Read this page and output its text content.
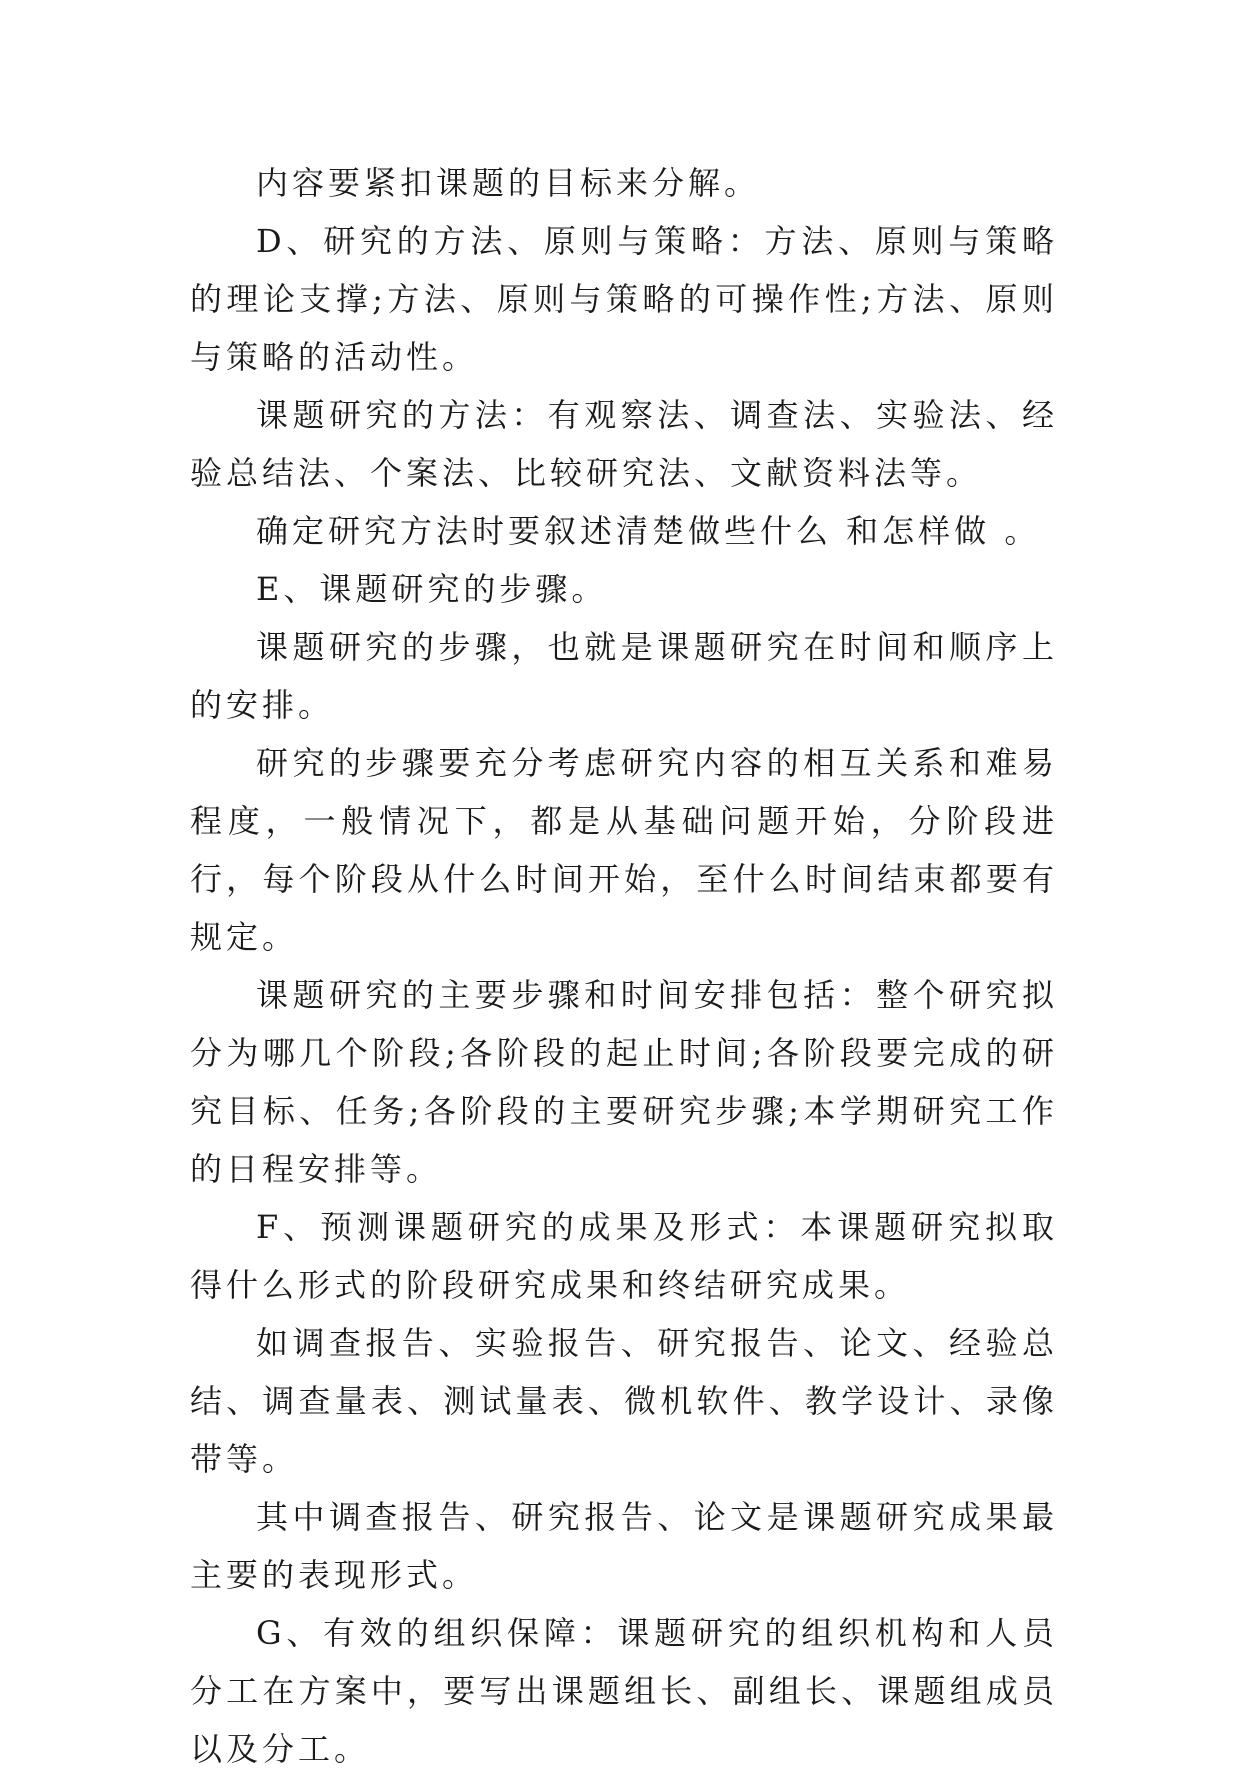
内容要紧扣课题的目标来分解。

D、研究的方法、原则与策略：方法、原则与策略的理论支撑;方法、原则与策略的可操作性;方法、原则与策略的活动性。

课题研究的方法：有观察法、调查法、实验法、经验总结法、个案法、比较研究法、文献资料法等。

确定研究方法时要叙述清楚做些什么 和怎样做 。

E、课题研究的步骤。

课题研究的步骤，也就是课题研究在时间和顺序上的安排。

研究的步骤要充分考虑研究内容的相互关系和难易程度，一般情况下，都是从基础问题开始，分阶段进行，每个阶段从什么时间开始，至什么时间结束都要有规定。

课题研究的主要步骤和时间安排包括：整个研究拟分为哪几个阶段;各阶段的起止时间;各阶段要完成的研究目标、任务;各阶段的主要研究步骤;本学期研究工作的日程安排等。

F、预测课题研究的成果及形式：本课题研究拟取得什么形式的阶段研究成果和终结研究成果。

如调查报告、实验报告、研究报告、论文、经验总结、调查量表、测试量表、微机软件、教学设计、录像带等。

其中调查报告、研究报告、论文是课题研究成果最主要的表现形式。

G、有效的组织保障：课题研究的组织机构和人员分工在方案中，要写出课题组长、副组长、课题组成员以及分工。
